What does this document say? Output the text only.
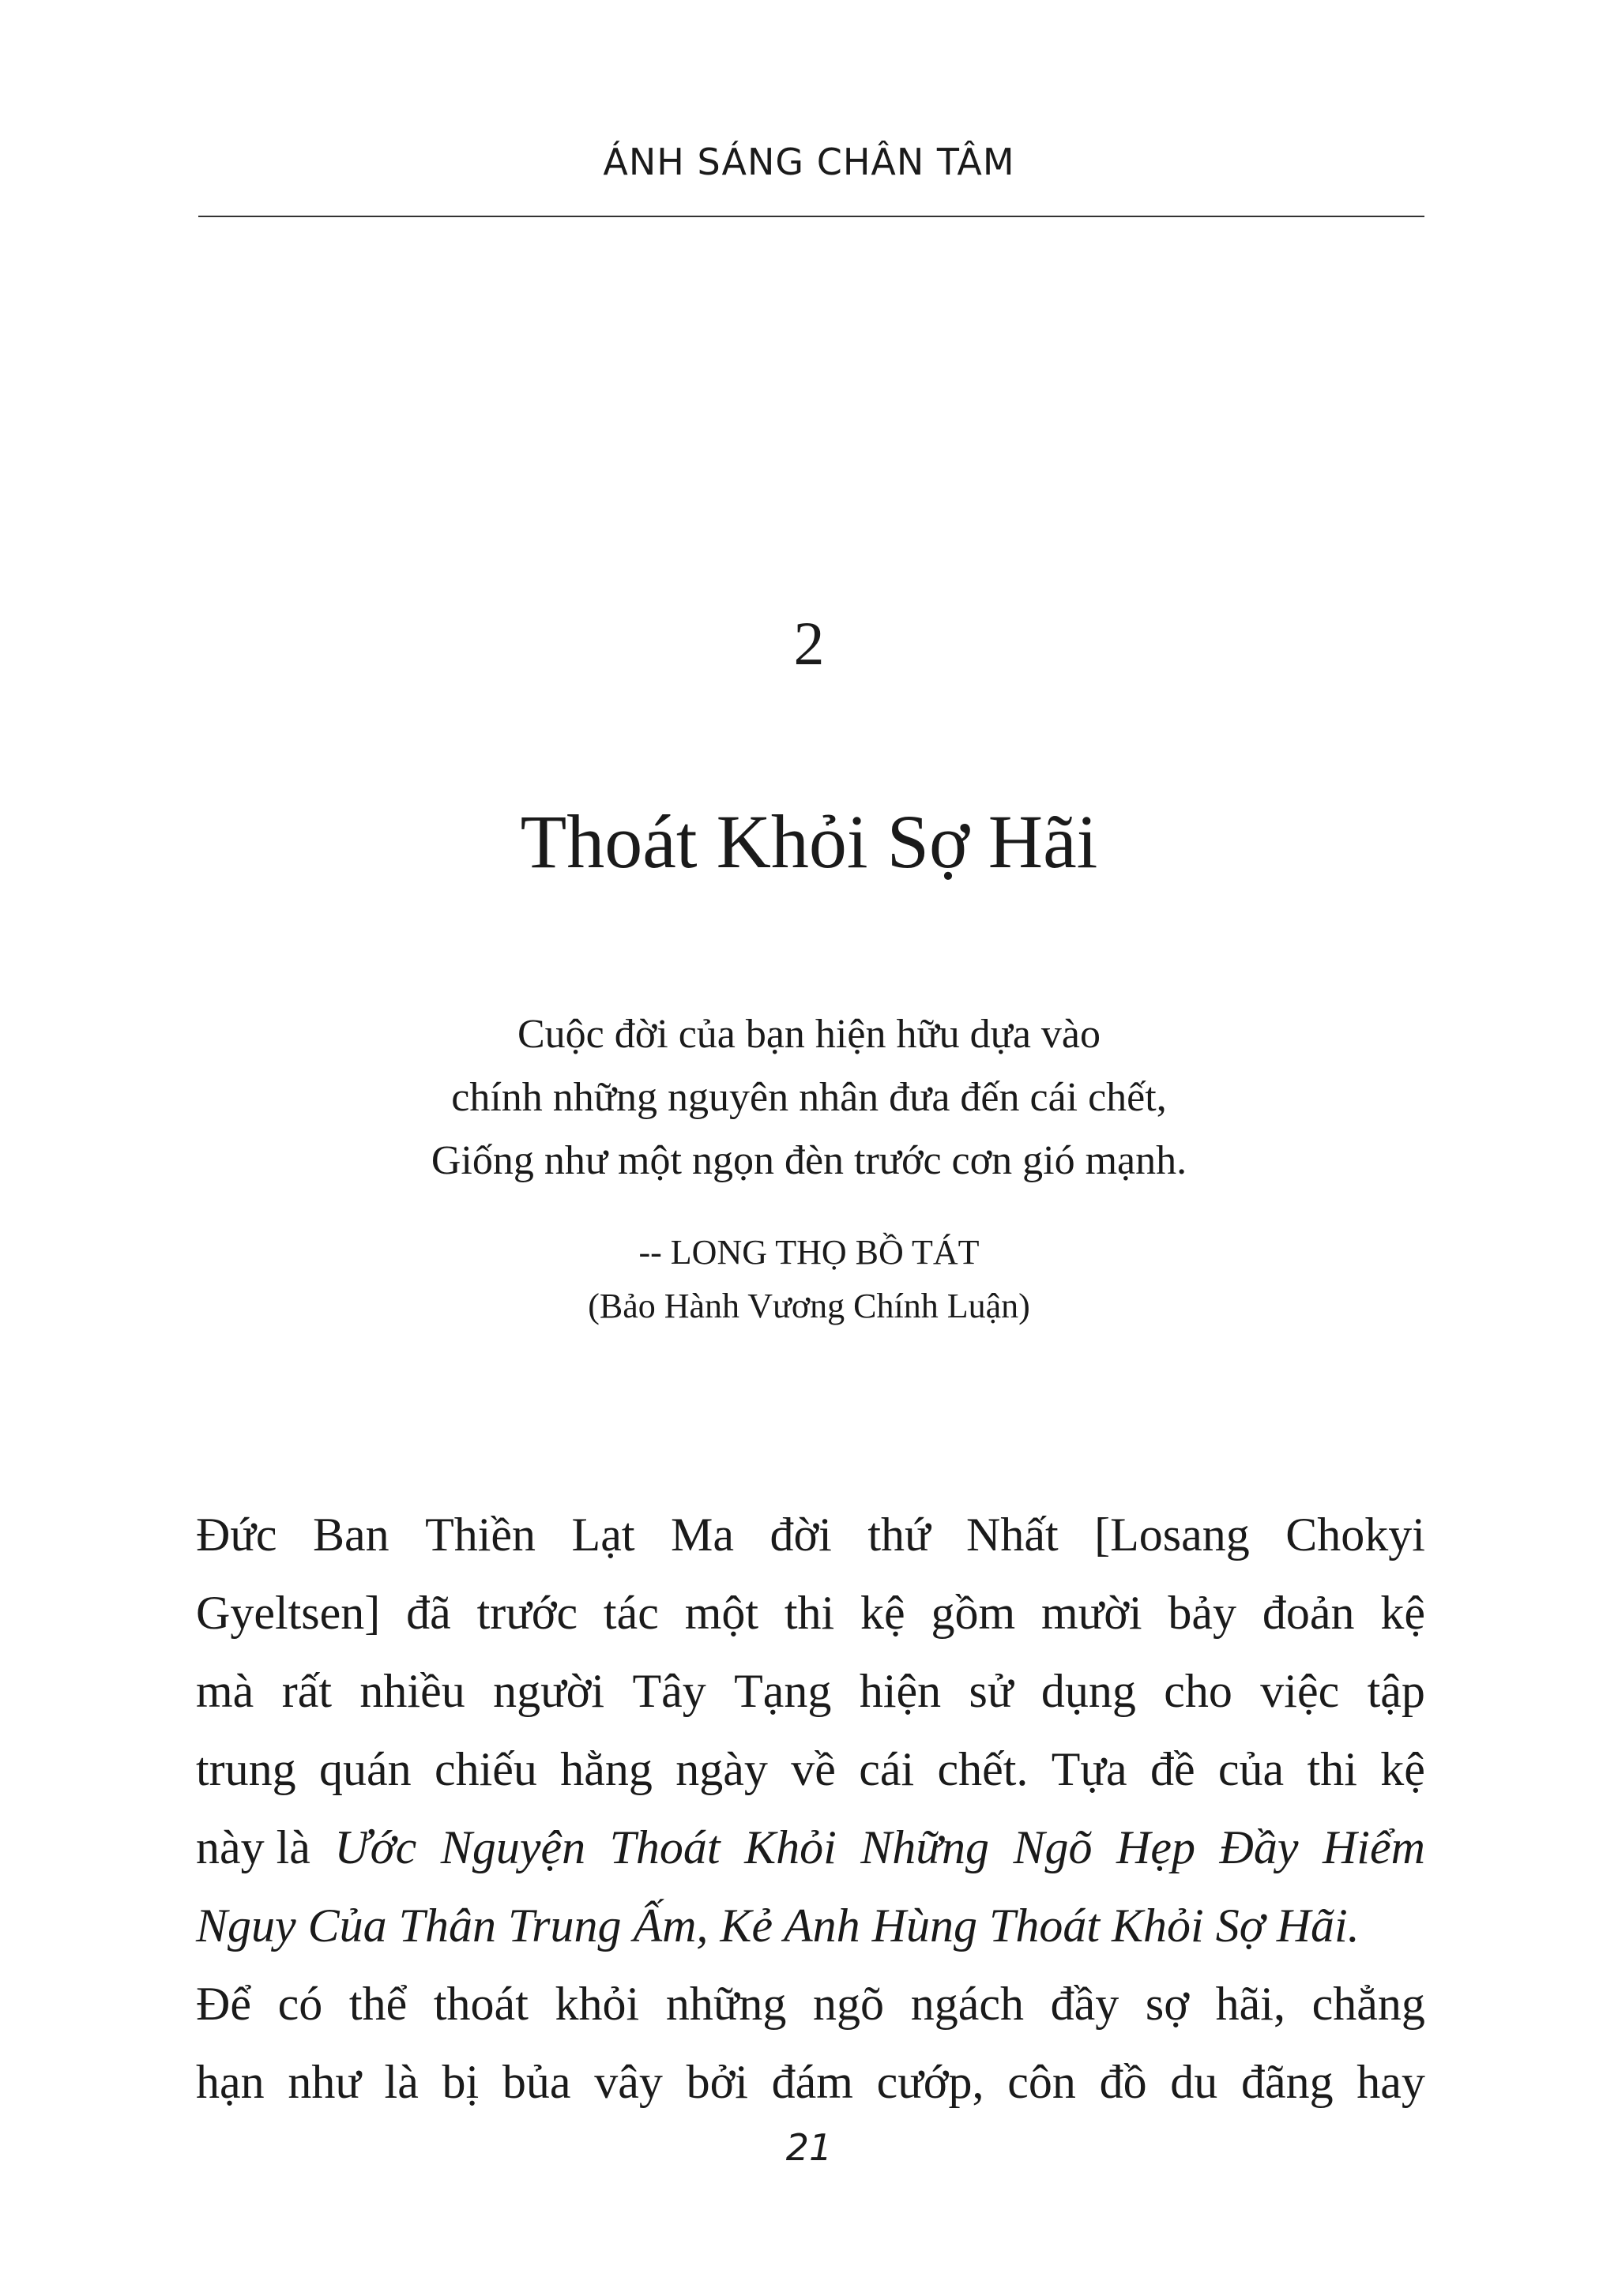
ÁNH SÁNG CHÂN TÂM
2
Thoát Khỏi Sợ Hãi
Cuộc đời của bạn hiện hữu dựa vào
chính những nguyên nhân đưa đến cái chết,
Giống như một ngọn đèn trước cơn gió mạnh.
-- LONG THỌ BỒ TÁT
(Bảo Hành Vương Chính Luận)
Đức Ban Thiền Lạt Ma đời thứ Nhất [Losang Chokyi
Gyeltsen] đã trước tác một thi kệ gồm mười bảy đoản kệ
mà rất nhiều người Tây Tạng hiện sử dụng cho việc tập
trung quán chiếu hằng ngày về cái chết. Tựa đề của thi kệ
này là Ước Nguyện Thoát Khỏi Những Ngõ Hẹp Đầy Hiểm
Nguy Của Thân Trung Ấm, Kẻ Anh Hùng Thoát Khỏi Sợ Hãi.
Để có thể thoát khỏi những ngõ ngách đầy sợ hãi, chẳng
hạn như là bị bủa vây bởi đám cướp, côn đồ du đãng hay
21
